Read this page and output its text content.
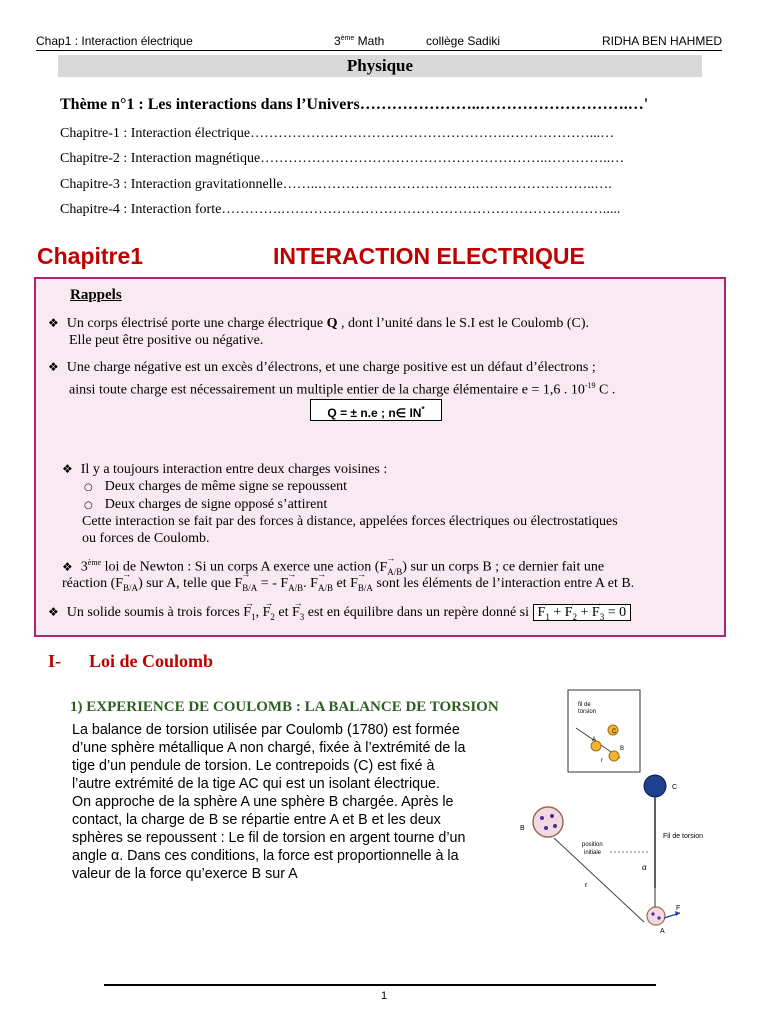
Chap1 : Interaction électrique	3ème Math	collège Sadiki	RIDHA BEN HAHMED
Physique
Thème n°1 : Les interactions dans l’Univers…………………..……………………….…'
Chapitre-1 : Interaction électrique……………………………………………….………………...…
Chapitre-2 : Interaction magnétique……………………………………………………..…………..…
Chapitre-3 : Interaction gravitationnelle……..…………………………….……………………..….
Chapitre-4 : Interaction forte………….…………………………………………………………….....
Chapitre1	INTERACTION ELECTRIQUE
Rappels
❖ Un corps électrisé porte une charge électrique Q , dont l’unité dans le S.I est le Coulomb (C).
Elle peut être positive ou négative.
❖ Une charge négative est un excès d’électrons, et une charge positive est un défaut d’électrons ;
ainsi toute charge est nécessairement un multiple entier de la charge élémentaire e = 1,6 . $10^{-19}$ C .
Q = ± n.e ; n∈ IN*
❖ Il y a toujours interaction entre deux charges voisines :
○ Deux charges de même signe se repoussent
○ Deux charges de signe opposé s’attirent
Cette interaction se fait par des forces à distance, appelées forces électriques ou électrostatiques
ou forces de Coulomb.
❖ 3ème loi de Newton : Si un corps A exerce une action (→ $F_{A/B}$) sur un corps B ; ce dernier fait une
réaction (→ $F_{B/A}$) sur A, telle que → $F_{B/A}$ = - → $F_{A/B}$. → $F_{A/B}$ et → $F_{B/A}$ sont les éléments de l’interaction entre A et B.
❖ Un solide soumis à trois forces → $F_1$, → $F_2$ et → $F_3$ est en équilibre dans un repère donné si → $F_1$ + → $F_2$ + → $F_3$ = → 0
I- Loi de Coulomb
1) EXPERIENCE DE COULOMB : LA BALANCE DE TORSION
La balance de torsion utilisée par Coulomb (1780) est formée
d’une sphère métallique A non chargé, fixée à l’extrémité de la
tige d’un pendule de torsion. Le contrepoids (C) est fixé à
l’autre extrémité de la tige AC qui est un isolant électrique.
On approche de la sphère A une sphère B chargée. Après le
contact, la charge de B se répartie entre A et B et les deux
sphères se repoussent : Le fil de torsion en argent tourne d’un
angle α. Dans ces conditions, la force est proportionnelle à la
valeur de la force qu’exerce B sur A
fil de
torsion
C
A
B
r
C
B
r
position
initiale
Fil de torsion
α
F
A
1
